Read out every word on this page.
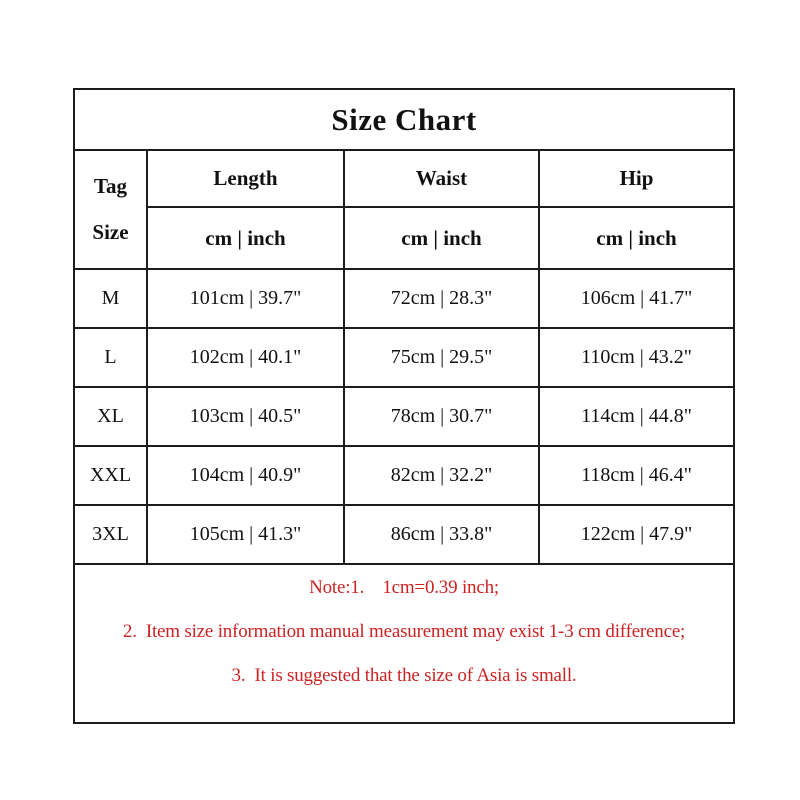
Size Chart			

Tag
Size	Length	Waist	Hip
	cm | inch	cm | inch	cm | inch
M	101cm | 39.7"	72cm | 28.3"	106cm | 41.7"
L	102cm | 40.1"	75cm | 29.5"	110cm | 43.2"
XL	103cm | 40.5"	78cm | 30.7"	114cm | 44.8"
XXL	104cm | 40.9"	82cm | 32.2"	118cm | 46.4"
3XL	105cm | 41.3"	86cm | 33.8"	122cm | 47.9"

Note:1.    1cm=0.39 inch;
2.  Item size information manual measurement may exist 1-3 cm difference;
3.  It is suggested that the size of Asia is small.			
